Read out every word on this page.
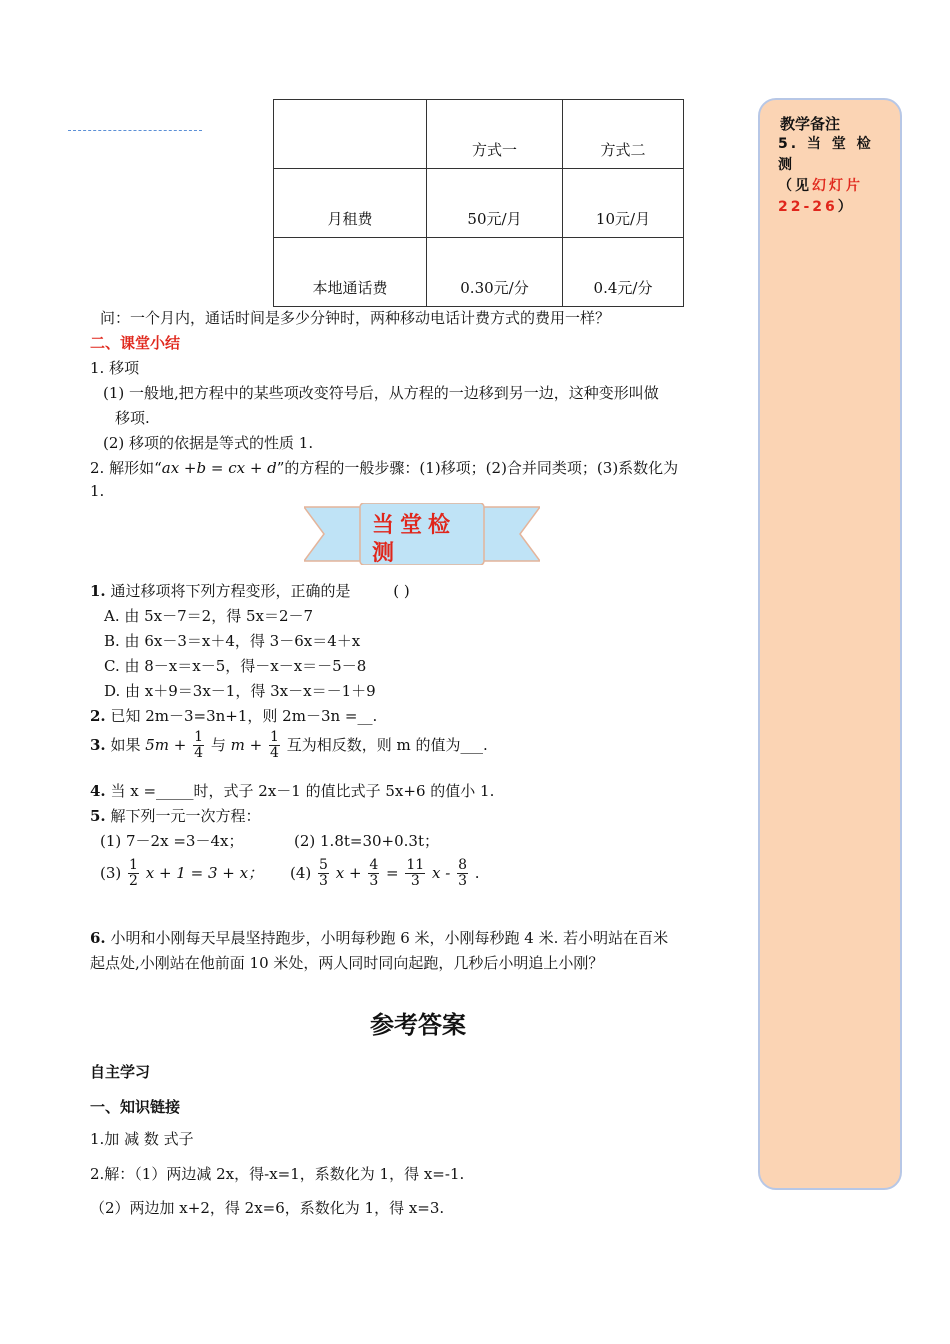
	方式一	方式二
月租费	50元/月	10元/月
本地通话费	0.30元/分	0.4元/分
问：一个月内，通话时间是多少分钟时，两种移动电话计费方式的费用一样？
二、课堂小结
1. 移项
(1) 一般地,把方程中的某些项改变符号后，从方程的一边移到另一边，这种变形叫做
移项.
(2) 移项的依据是等式的性质 1.
2. 解形如“ax +b = cx + d”的方程的一般步骤：(1)移项；(2)合并同类项；(3)系数化为
1.
当堂检测
1. 通过移项将下列方程变形，正确的是	( )
A. 由 5x－7＝2，得 5x＝2－7
B. 由 6x－3＝x＋4，得 3－6x＝4＋x
C. 由 8－x＝x－5，得－x－x＝－5－8
D. 由 x＋9＝3x－1，得 3x－x＝－1＋9
2. 已知 2m－3=3n+1，则 2m－3n =__.
3. 如果 $5m + \frac{1}{4}$ 与 $m + \frac{1}{4}$ 互为相反数，则 m 的值为___.
4. 当 x =_____时，式子 2x－1 的值比式子 5x+6 的值小 1.
5. 解下列一元一次方程：
(1) 7－2x =3－4x；	(2) 1.8t=30+0.3t；
$(3) \frac{1}{2}$ x + 1 = 3 + x； $(4) \frac{5}{3}$ $x + \frac{4}{3} = \frac{11}{3}$ x - $\frac{8}{3}$ .
6. 小明和小刚每天早晨坚持跑步，小明每秒跑 6 米，小刚每秒跑 4 米. 若小明站在百米
起点处,小刚站在他前面 10 米处，两人同时同向起跑，几秒后小明追上小刚？
参考答案
自主学习
一、知识链接
1.加 减 数 式子
2.解：（1）两边减 2x，得-x=1，系数化为 1，得 x=-1.
（2）两边加 x+2，得 2x=6，系数化为 1，得 x=3.
教学备注
5. 当 堂 检 测
（见幻灯片
22-26）
